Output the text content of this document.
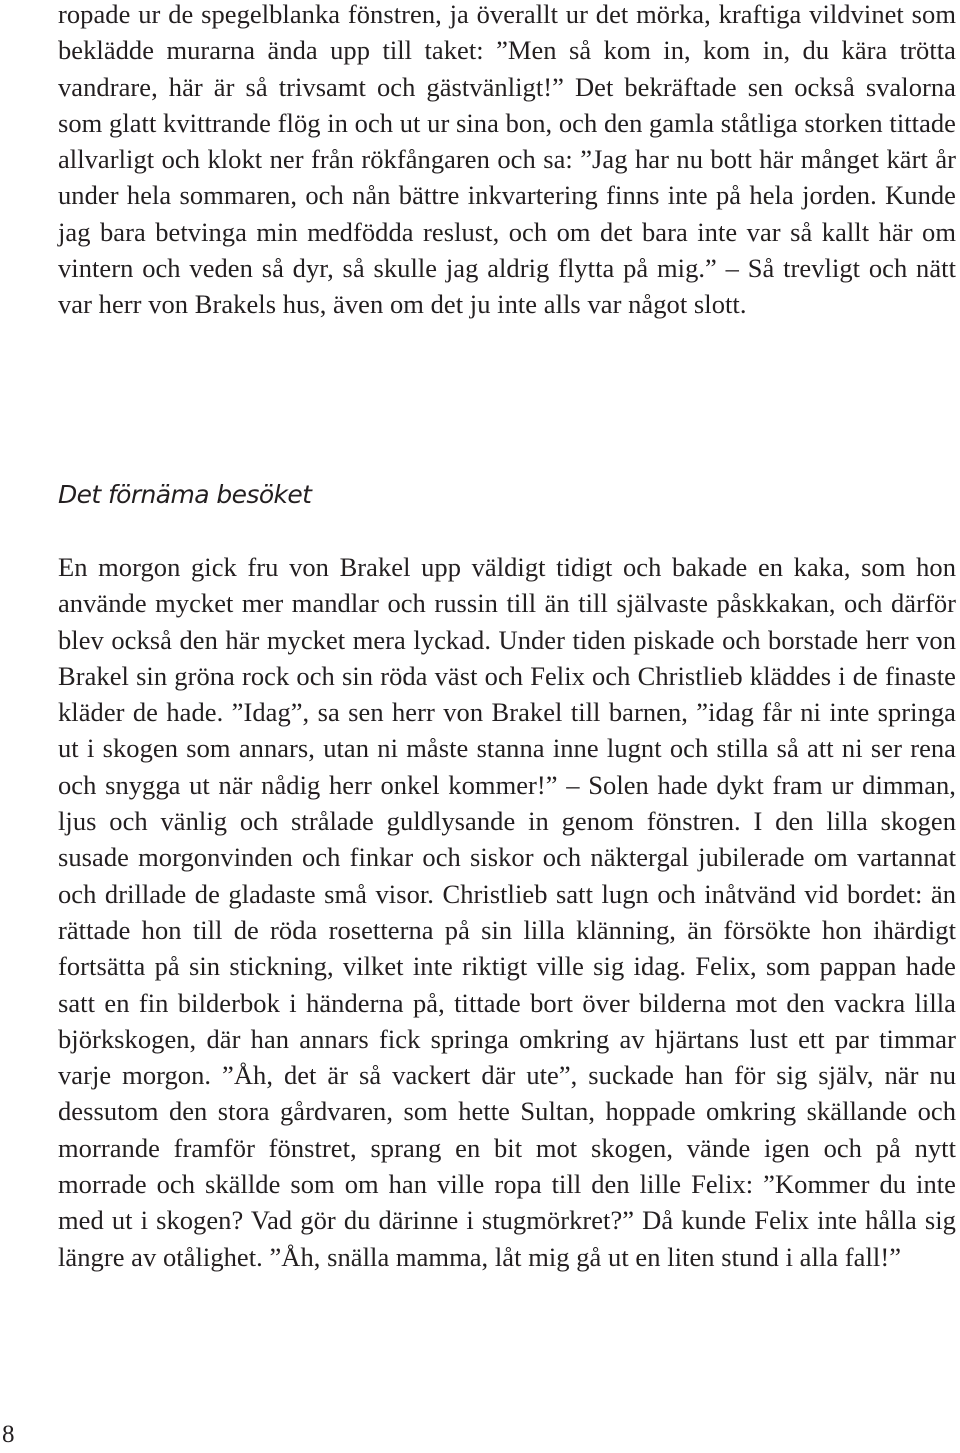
ropade ur de spegelblanka fönstren, ja överallt ur det mörka, kraftiga vildvinet som beklädde murarna ända upp till taket: ”Men så kom in, kom in, du kära trötta vandrare, här är så trivsamt och gästvänligt!” Det bekräftade sen också svalorna som glatt kvittrande flög in och ut ur sina bon, och den gamla ståtliga storken tittade allvarligt och klokt ner från rökfångaren och sa: ”Jag har nu bott här månget kärt år under hela sommaren, och nån bättre inkvartering finns inte på hela jorden. Kunde jag bara betvinga min medfödda reslust, och om det bara inte var så kallt här om vintern och veden så dyr, så skulle jag aldrig flytta på mig.” – Så trevligt och nätt var herr von Brakels hus, även om det ju inte alls var något slott.

Det förnäma besöket

En morgon gick fru von Brakel upp väldigt tidigt och bakade en kaka, som hon använde mycket mer mandlar och russin till än till självaste påskkakan, och därför blev också den här mycket mera lyckad. Under tiden piskade och borstade herr von Brakel sin gröna rock och sin röda väst och Felix och Christlieb kläddes i de finaste kläder de hade. ”Idag”, sa sen herr von Brakel till barnen, ”idag får ni inte springa ut i skogen som annars, utan ni måste stanna inne lugnt och stilla så att ni ser rena och snygga ut när nådig herr onkel kommer!” – Solen hade dykt fram ur dimman, ljus och vänlig och strålade guldlysande in genom fönstren. I den lilla skogen susade morgonvinden och finkar och siskor och näktergal jubilerade om vartannat och drillade de gladaste små visor. Christlieb satt lugn och inåtvänd vid bordet: än rättade hon till de röda rosetterna på sin lilla klänning, än försökte hon ihärdigt fortsätta på sin stickning, vilket inte riktigt ville sig idag. Felix, som pappan hade satt en fin bilderbok i händerna på, tittade bort över bilderna mot den vackra lilla björkskogen, där han annars fick springa omkring av hjärtans lust ett par timmar varje morgon. ”Åh, det är så vackert där ute”, suckade han för sig själv, när nu dessutom den stora gårdvaren, som hette Sultan, hoppade omkring skällande och morrande framför fönstret, sprang en bit mot skogen, vände igen och på nytt morrade och skällde som om han ville ropa till den lille Felix: ”Kommer du inte med ut i skogen? Vad gör du därinne i stugmörkret?” Då kunde Felix inte hålla sig längre av otålighet. ”Åh, snälla mamma, låt mig gå ut en liten stund i alla fall!”

8
